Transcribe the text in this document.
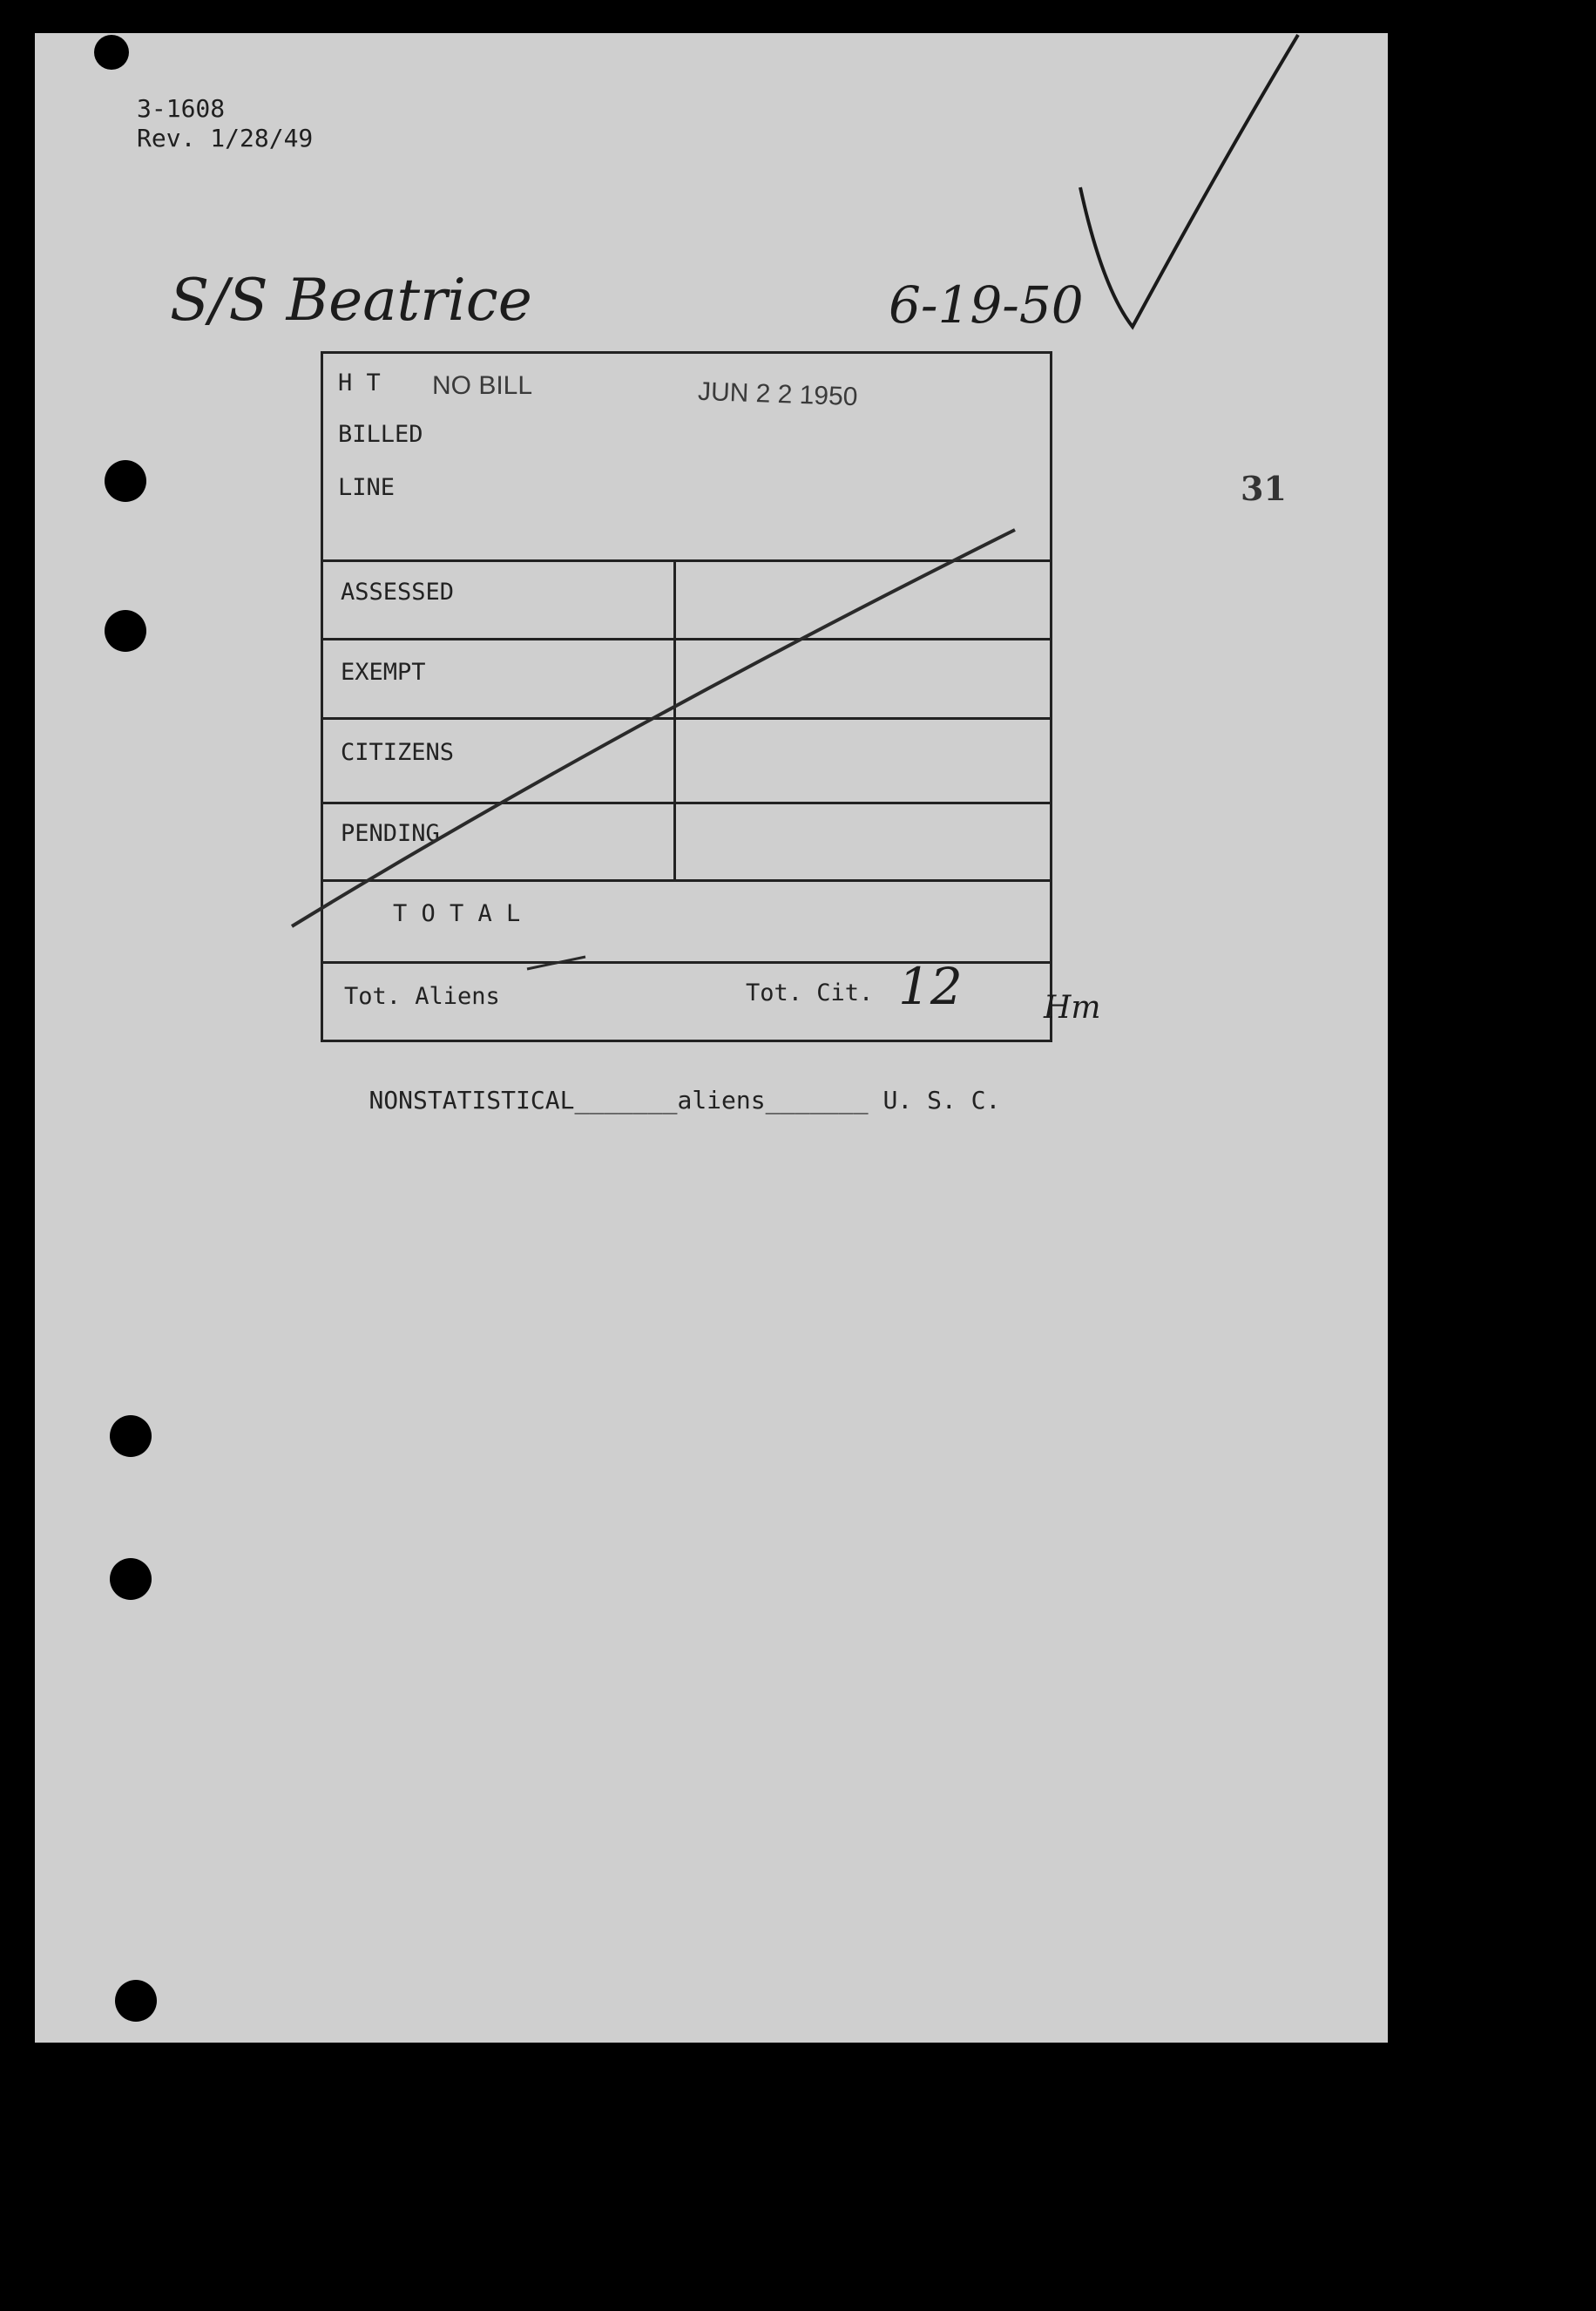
3-1608
Rev. 1/28/49
S/S Beatrice	6-19-50
31
H T
BILLED
LINE
NO BILL	JUN 2 2 1950
ASSESSED
EXEMPT
CITIZENS
PENDING
T O T A L
Tot. Aliens	Tot. Cit. 12	Hm

NONSTATISTICAL_______aliens_______ U. S. C.
